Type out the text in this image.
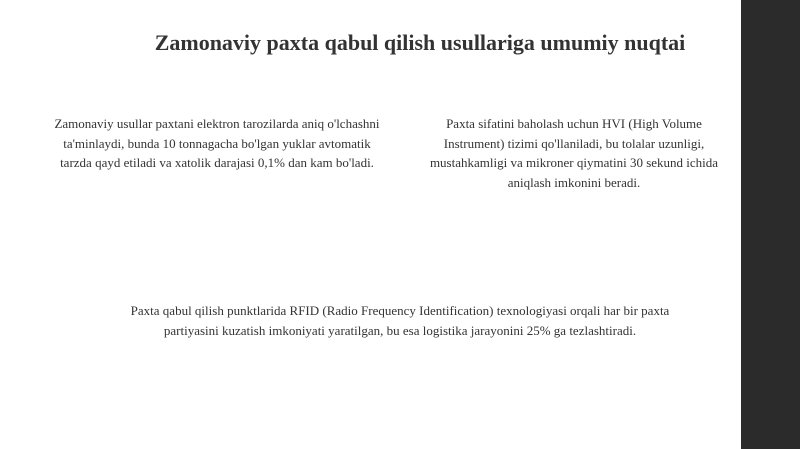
Zamonaviy paxta qabul qilish usullariga umumiy nuqtai

Zamonaviy usullar paxtani elektron tarozilarda aniq o'lchashni ta'minlaydi, bunda 10 tonnagacha bo'lgan yuklar avtomatik tarzda qayd etiladi va xatolik darajasi 0,1% dan kam bo'ladi.

Paxta sifatini baholash uchun HVI (High Volume
Instrument) tizimi qo'llaniladi, bu tolalar uzunligi,
mustahkamligi va mikroner qiymatini 30 sekund ichida
aniqlash imkonini beradi.

Paxta qabul qilish punktlarida RFID (Radio Frequency Identification) texnologiyasi orqali har bir paxta partiyasini kuzatish imkoniyati yaratilgan, bu esa logistika jarayonini 25% ga tezlashtiradi.
